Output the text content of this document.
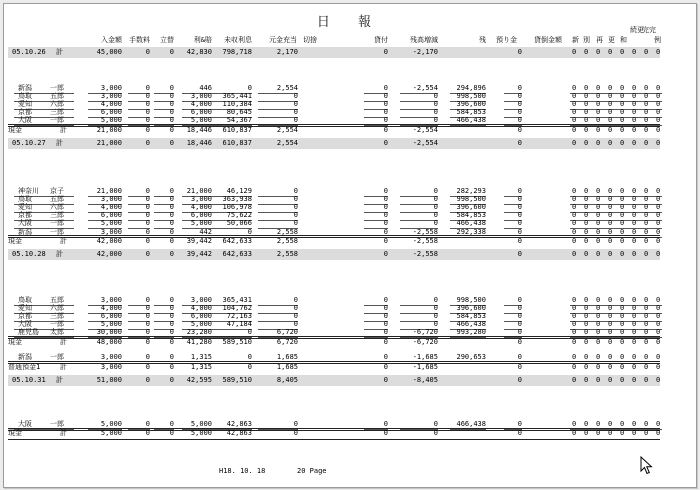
日 報
入金額	手数料	立替	利&賠	未収利息	元金充当 切捨	貸付	残高増減	残 預り金	貸倒金額	新 別 再 更 和
続更
完完
例
05.10.26	計	45,000	0	0	42,830	798,718	2,170	0	-2,170	0	0	0	0	0	0	0	0	0
新潟	一郎	3,000	0	0	446	0	2,554	0	-2,554	294,896	0	0	0	0	0	0	0	0	0
鳥取	五郎	3,000	0	0	3,000	365,441	0	0	0	998,500	0	0	0	0	0	0	0	0	0
愛知	六郎	4,000	0	0	4,000	110,384	0	0	0	396,600	0	0	0	0	0	0	0	0	0
京都	三郎	6,000	0	0	6,000	80,645	0	0	0	584,853	0	0	0	0	0	0	0	0	0
大阪	一郎	5,000	0	0	5,000	54,367	0	0	0	466,438	0	0	0	0	0	0	0	0	0
現金	計	21,000	0	0	18,446	610,837	2,554	0	-2,554	0	0	0	0	0	0	0	0	0
05.10.27	計	21,000	0	0	18,446	610,837	2,554	0	-2,554	0	0	0	0	0	0	0	0	0
神奈川	京子	21,000	0	0	21,000	46,129	0	0	0	282,293	0	0	0	0	0	0	0	0	0
鳥取	五郎	3,000	0	0	3,000	363,938	0	0	0	998,500	0	0	0	0	0	0	0	0	0
愛知	六郎	4,000	0	0	4,000	106,978	0	0	0	396,600	0	0	0	0	0	0	0	0	0
京都	三郎	6,000	0	0	6,000	75,622	0	0	0	584,853	0	0	0	0	0	0	0	0	0
大阪	一郎	5,000	0	0	5,000	50,066	0	0	0	466,438	0	0	0	0	0	0	0	0	0
新潟	一郎	3,000	0	0	442	0	2,558	0	-2,558	292,338	0	0	0	0	0	0	0	0	0
現金	計	42,000	0	0	39,442	642,633	2,558	0	-2,558	0	0	0	0	0	0	0	0	0
05.10.28	計	42,000	0	0	39,442	642,633	2,558	0	-2,558	0	0	0	0	0	0	0	0	0
鳥取	五郎	3,000	0	0	3,000	365,431	0	0	0	998,500	0	0	0	0	0	0	0	0	0
愛知	六郎	4,000	0	0	4,000	104,762	0	0	0	396,600	0	0	0	0	0	0	0	0	0
京都	三郎	6,000	0	0	6,000	72,163	0	0	0	584,853	0	0	0	0	0	0	0	0	0
大阪	一郎	5,000	0	0	5,000	47,184	0	0	0	466,438	0	0	0	0	0	0	0	0	0
鹿児島	太郎	30,000	0	0	23,280	0	6,720	0	-6,720	993,280	0	0	0	0	0	0	0	0	0
現金	計	48,000	0	0	41,280	589,510	6,720	0	-6,720	0	0	0	0	0	0	0	0	0
新潟	一郎	3,000	0	0	1,315	0	1,685	0	-1,685	290,653	0	0	0	0	0	0	0	0	0
普通預金1	計	3,000	0	0	1,315	0	1,685	0	-1,685	0	0	0	0	0	0	0	0	0
05.10.31	計	51,000	0	0	42,595	589,510	8,405	0	-8,405	0	0	0	0	0	0	0	0	0
大阪	一郎	5,000	0	0	5,000	42,863	0	0	0	466,438	0	0	0	0	0	0	0	0	0
現金	計	5,000	0	0	5,000	42,863	0	0	0	0	0	0	0	0	0	0	0	0
H18. 10. 18	20 Page
